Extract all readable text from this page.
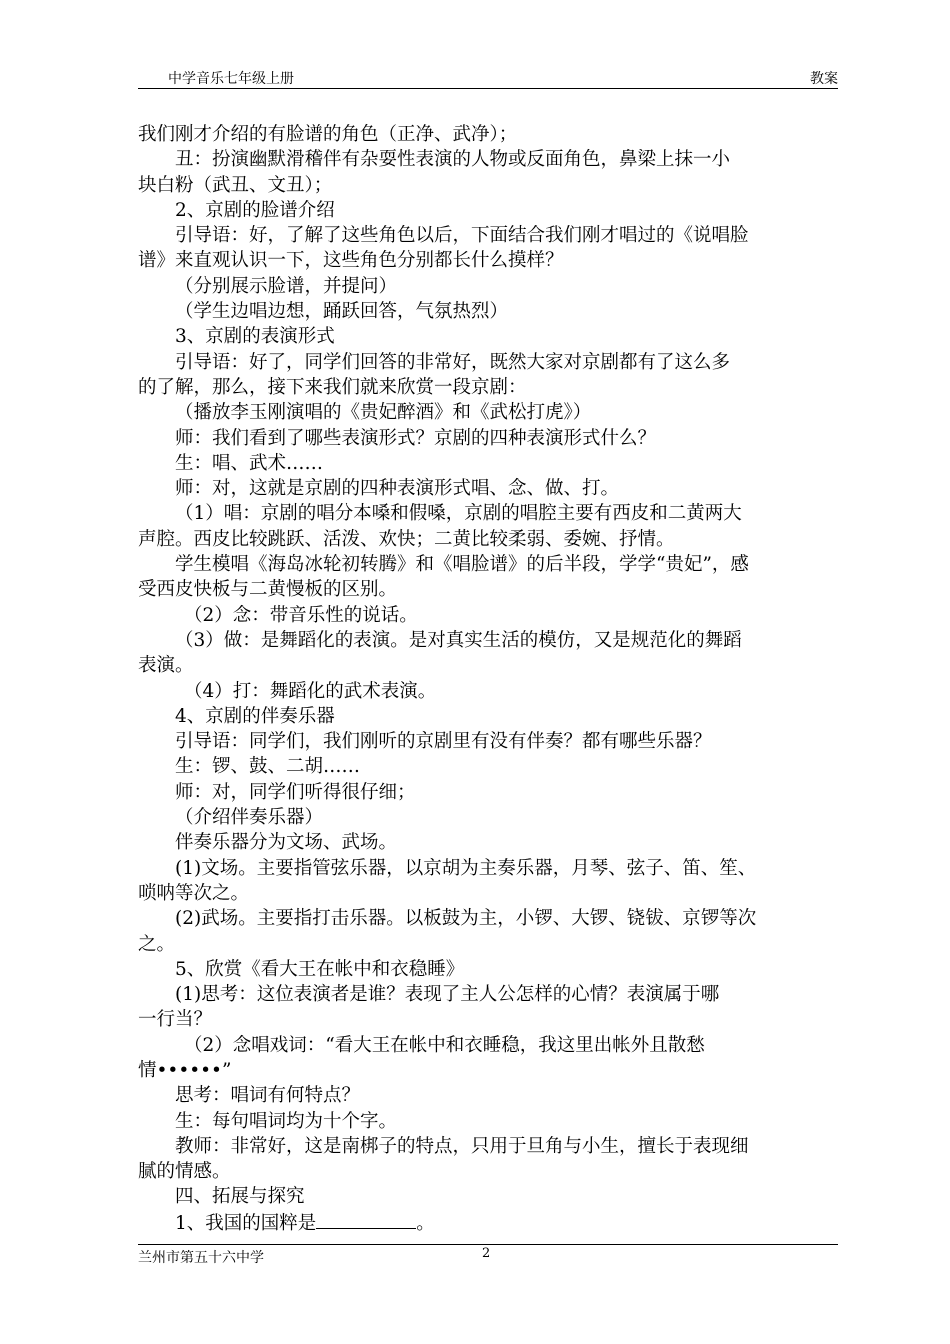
中学音乐七年级上册	教案

我们刚才介绍的有脸谱的角色（正净、武净）；

丑：扮演幽默滑稽伴有杂耍性表演的人物或反面角色，鼻梁上抹一小

块白粉（武丑、文丑）；

2、京剧的脸谱介绍

引导语：好，了解了这些角色以后，下面结合我们刚才唱过的《说唱脸

谱》来直观认识一下，这些角色分别都长什么摸样？

（分别展示脸谱，并提问）

（学生边唱边想，踊跃回答，气氛热烈）

3、京剧的表演形式

引导语：好了，同学们回答的非常好，既然大家对京剧都有了这么多

的了解，那么，接下来我们就来欣赏一段京剧：

（播放李玉刚演唱的《贵妃醉酒》和《武松打虎》）

师：我们看到了哪些表演形式？京剧的四种表演形式什么？

生：唱、武术……

师：对，这就是京剧的四种表演形式唱、念、做、打。

（1）唱：京剧的唱分本嗓和假嗓，京剧的唱腔主要有西皮和二黄两大

声腔。西皮比较跳跃、活泼、欢快；二黄比较柔弱、委婉、抒情。

学生模唱《海岛冰轮初转腾》和《唱脸谱》的后半段，学学“贵妃”，感

受西皮快板与二黄慢板的区别。

（2）念：带音乐性的说话。

（3）做：是舞蹈化的表演。是对真实生活的模仿，又是规范化的舞蹈

表演。

（4）打：舞蹈化的武术表演。

4、京剧的伴奏乐器

引导语：同学们，我们刚听的京剧里有没有伴奏？都有哪些乐器？

生：锣、鼓、二胡……

师：对，同学们听得很仔细；

（介绍伴奏乐器）

伴奏乐器分为文场、武场。

(1)文场。主要指管弦乐器，以京胡为主奏乐器，月琴、弦子、笛、笙、

唢呐等次之。

(2)武场。主要指打击乐器。以板鼓为主，小锣、大锣、铙钹、京锣等次

之。

5、欣赏《看大王在帐中和衣稳睡》

(1)思考：这位表演者是谁？表现了主人公怎样的心情？表演属于哪

一行当？

（2）念唱戏词：“看大王在帐中和衣睡稳，我这里出帐外且散愁

情••••••”

思考：唱词有何特点？

生：每句唱词均为十个字。

教师：非常好，这是南梆子的特点，只用于旦角与小生，擅长于表现细

腻的情感。

四、拓展与探究

1、我国的国粹是	。

兰州市第五十六中学	2
